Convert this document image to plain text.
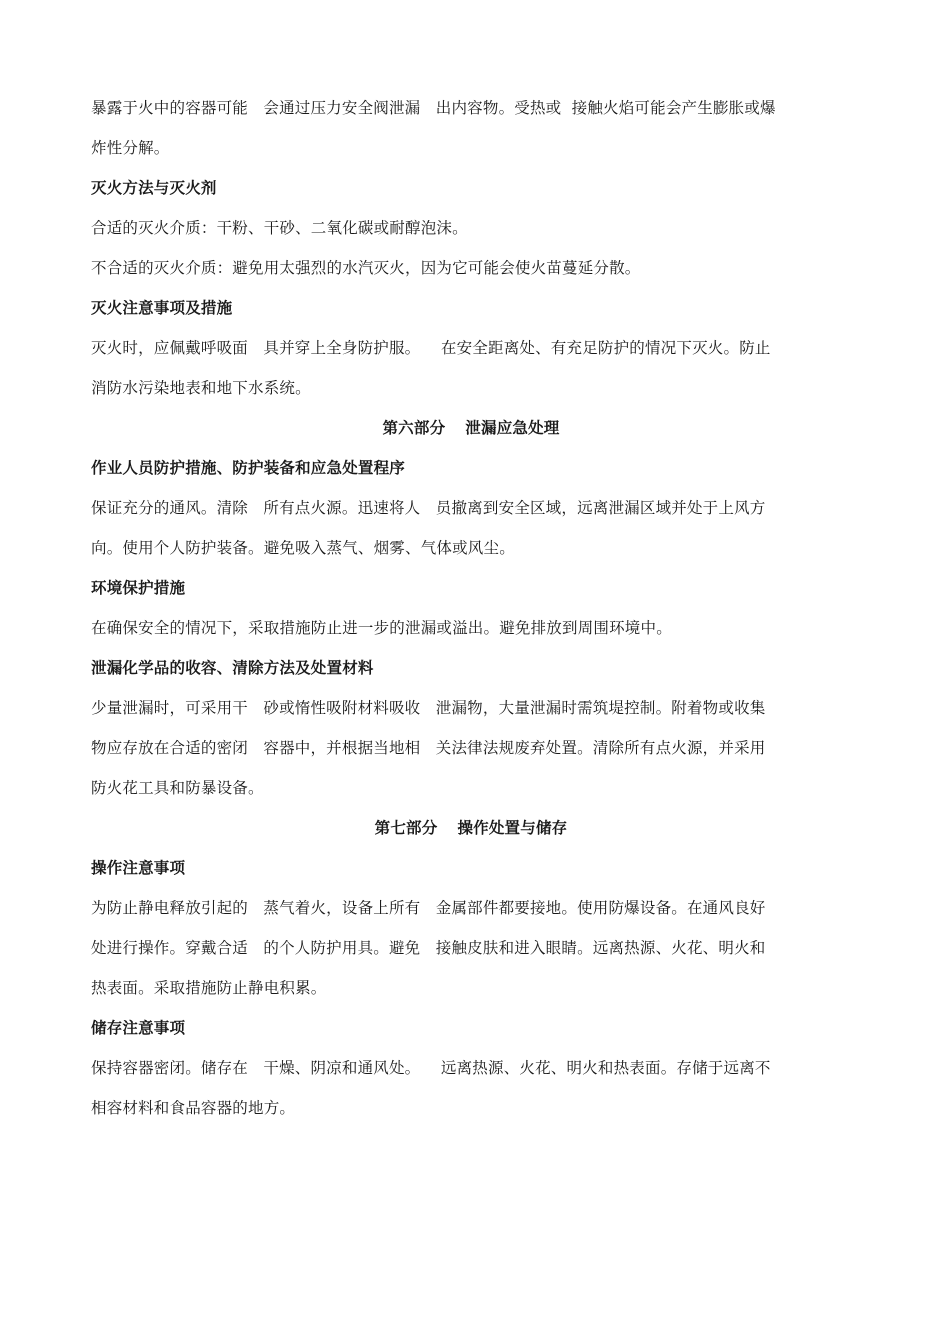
暴露于火中的容器可能   会通过压力安全阀泄漏   出内容物。受热或  接触火焰可能会产生膨胀或爆
炸性分解。
灭火方法与灭火剂
合适的灭火介质：干粉、干砂、二氧化碳或耐醇泡沫。
不合适的灭火介质：避免用太强烈的水汽灭火，因为它可能会使火苗蔓延分散。
灭火注意事项及措施
灭火时，应佩戴呼吸面   具并穿上全身防护服。    在安全距离处、有充足防护的情况下灭火。防止
消防水污染地表和地下水系统。
第六部分 泄漏应急处理
作业人员防护措施、防护装备和应急处置程序
保证充分的通风。清除   所有点火源。迅速将人   员撤离到安全区域，远离泄漏区域并处于上风方
向。使用个人防护装备。避免吸入蒸气、烟雾、气体或风尘。
环境保护措施
在确保安全的情况下，采取措施防止进一步的泄漏或溢出。避免排放到周围环境中。
泄漏化学品的收容、清除方法及处置材料
少量泄漏时，可采用干   砂或惰性吸附材料吸收   泄漏物，大量泄漏时需筑堤控制。附着物或收集
物应存放在合适的密闭   容器中，并根据当地相   关法律法规废弃处置。清除所有点火源，并采用
防火花工具和防暴设备。
第七部分 操作处置与储存
操作注意事项
为防止静电释放引起的   蒸气着火，设备上所有   金属部件都要接地。使用防爆设备。在通风良好
处进行操作。穿戴合适   的个人防护用具。避免   接触皮肤和进入眼睛。远离热源、火花、明火和
热表面。采取措施防止静电积累。
储存注意事项
保持容器密闭。储存在   干燥、阴凉和通风处。    远离热源、火花、明火和热表面。存储于远离不
相容材料和食品容器的地方。
